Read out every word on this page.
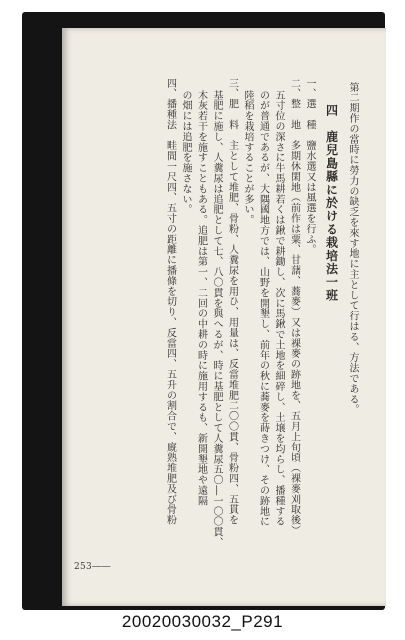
第二期作の當時に勞力の缺乏を來す地に主として行はる、方法である。

四　鹿兒島縣に於ける栽培法一班

一、選　種　鹽水選又は風選を行ふ。

二、整　地　多期休閑地（前作は粟、甘藷、蕎麥）又は裸麥の跡地を、五月上旬頃（裸麥刈取後）

五寸位の深さに牛馬耕若くは鍬で耕鋤し、次に馬鍬で土地を細碎し、土壌を均らし、播種する

のが普通であるが、大隅國地方では、山野を開墾し、前年の秋に蕎麥を蒔きつけ、その跡地に

陸稻を栽培することが多い。

三、肥　料　主として堆肥、骨粉、人糞尿を用ひ、用量は、反當堆肥二〇〇貫、骨粉四、五貫を

基肥に施し、人糞尿は追肥として七、八〇貫を與へるが、時に基肥として人糞尿五〇―一〇〇貫、

木灰若干を施すこともある。追肥は第一、二回の中耕の時に施用するも、新開墾地や遠隔

の畑には追肥を施さない。

四、播種法　畦間一尺四、五寸の距離に播條を切り、反當四、五升の割合で、廐熟堆肥及び骨粉

253――
20020030032_P291
